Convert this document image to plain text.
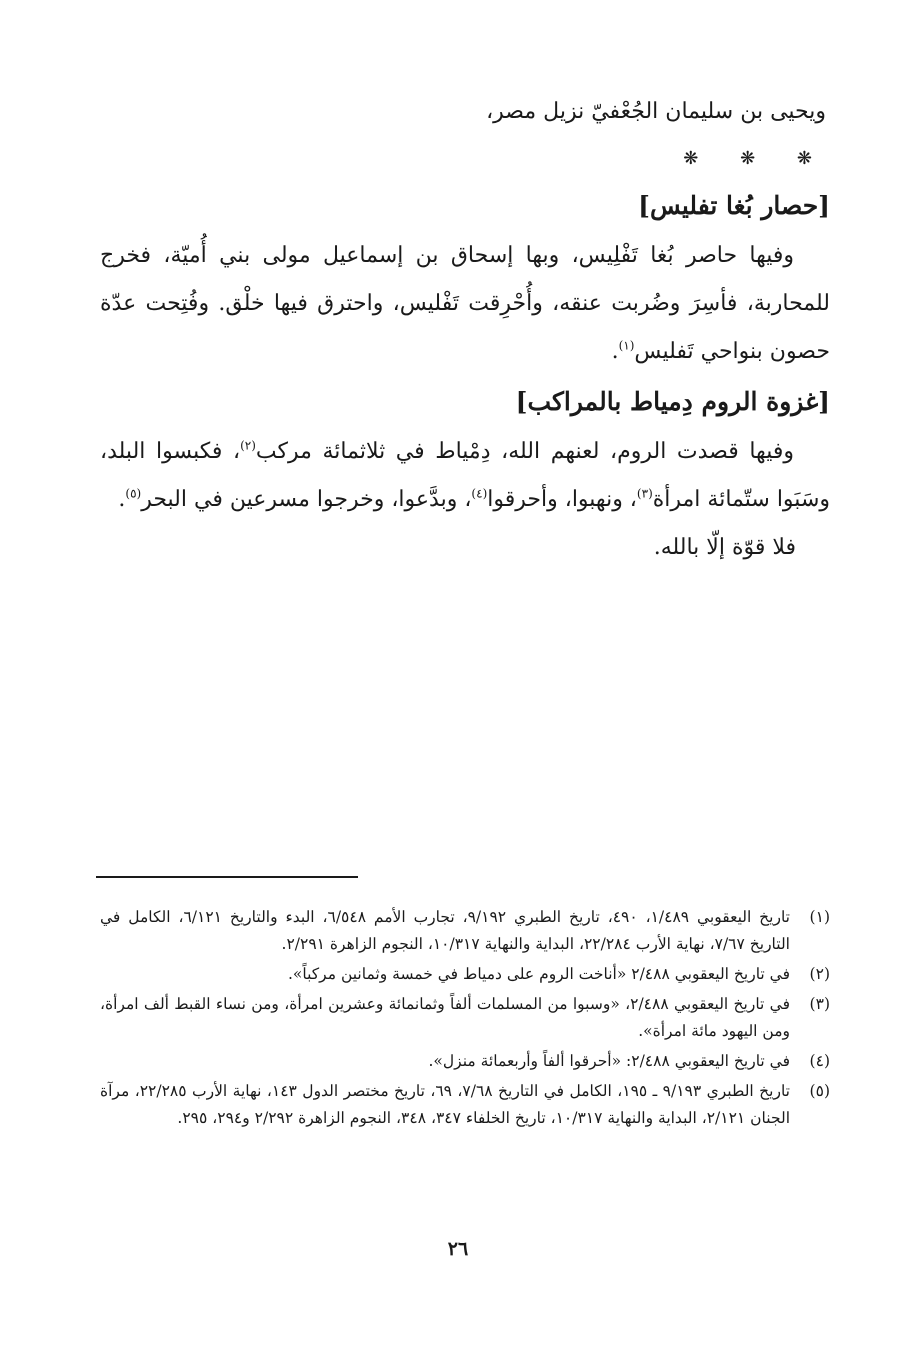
ويحيى بن سليمان الجُعْفيّ نزيل مصر،

❋ ❋ ❋
[حصار بُغا تفليس]

وفيها حاصر بُغا تَفْلِيس، وبها إسحاق بن إسماعيل مولى بني أُميّة، فخرج للمحاربة، فأسِرَ وضُربت عنقه، وأُحْرِقت تَفْليس، واحترق فيها خلْق. وفُتِحت عدّة حصون بنواحي تَفليس$^{(١)}$.

[غزوة الروم دِمياط بالمراكب]

وفيها قصدت الروم، لعنهم الله، دِمْياط في ثلاثمائة مركب$^{(٢)}$، فكبسوا البلد، وسَبَوا ستّمائة امرأة$^{(٣)}$، ونهبوا، وأحرقوا$^{(٤)}$، وبدَّعوا، وخرجوا مسرعين في البحر$^{(٥)}$.

فلا قوّة إلّا بالله.

(١)
تاريخ اليعقوبي ١/٤٨٩، ٤٩٠، تاريخ الطبري ٩/١٩٢، تجارب الأمم ٦/٥٤٨، البدء والتاريخ ٦/١٢١، الكامل في التاريخ ٧/٦٧، نهاية الأرب ٢٢/٢٨٤، البداية والنهاية ١٠/٣١٧، النجوم الزاهرة ٢/٢٩١.
(٢)
في تاريخ اليعقوبي ٢/٤٨٨ «أناخت الروم على دمياط في خمسة وثمانين مركباً».
(٣)
في تاريخ اليعقوبي ٢/٤٨٨، «وسبوا من المسلمات ألفاً وثمانمائة وعشرين امرأة، ومن نساء القبط ألف امرأة، ومن اليهود مائة امرأة».
(٤)
في تاريخ اليعقوبي ٢/٤٨٨: «أحرقوا ألفاً وأربعمائة منزل».
(٥)
تاريخ الطبري ٩/١٩٣ ـ ١٩٥، الكامل في التاريخ ٧/٦٨، ٦٩، تاريخ مختصر الدول ١٤٣، نهاية الأرب ٢٢/٢٨٥، مرآة الجنان ٢/١٢١، البداية والنهاية ١٠/٣١٧، تاريخ الخلفاء ٣٤٧، ٣٤٨، النجوم الزاهرة ٢/٢٩٢ و٢٩٤، ٢٩٥.
٢٦
